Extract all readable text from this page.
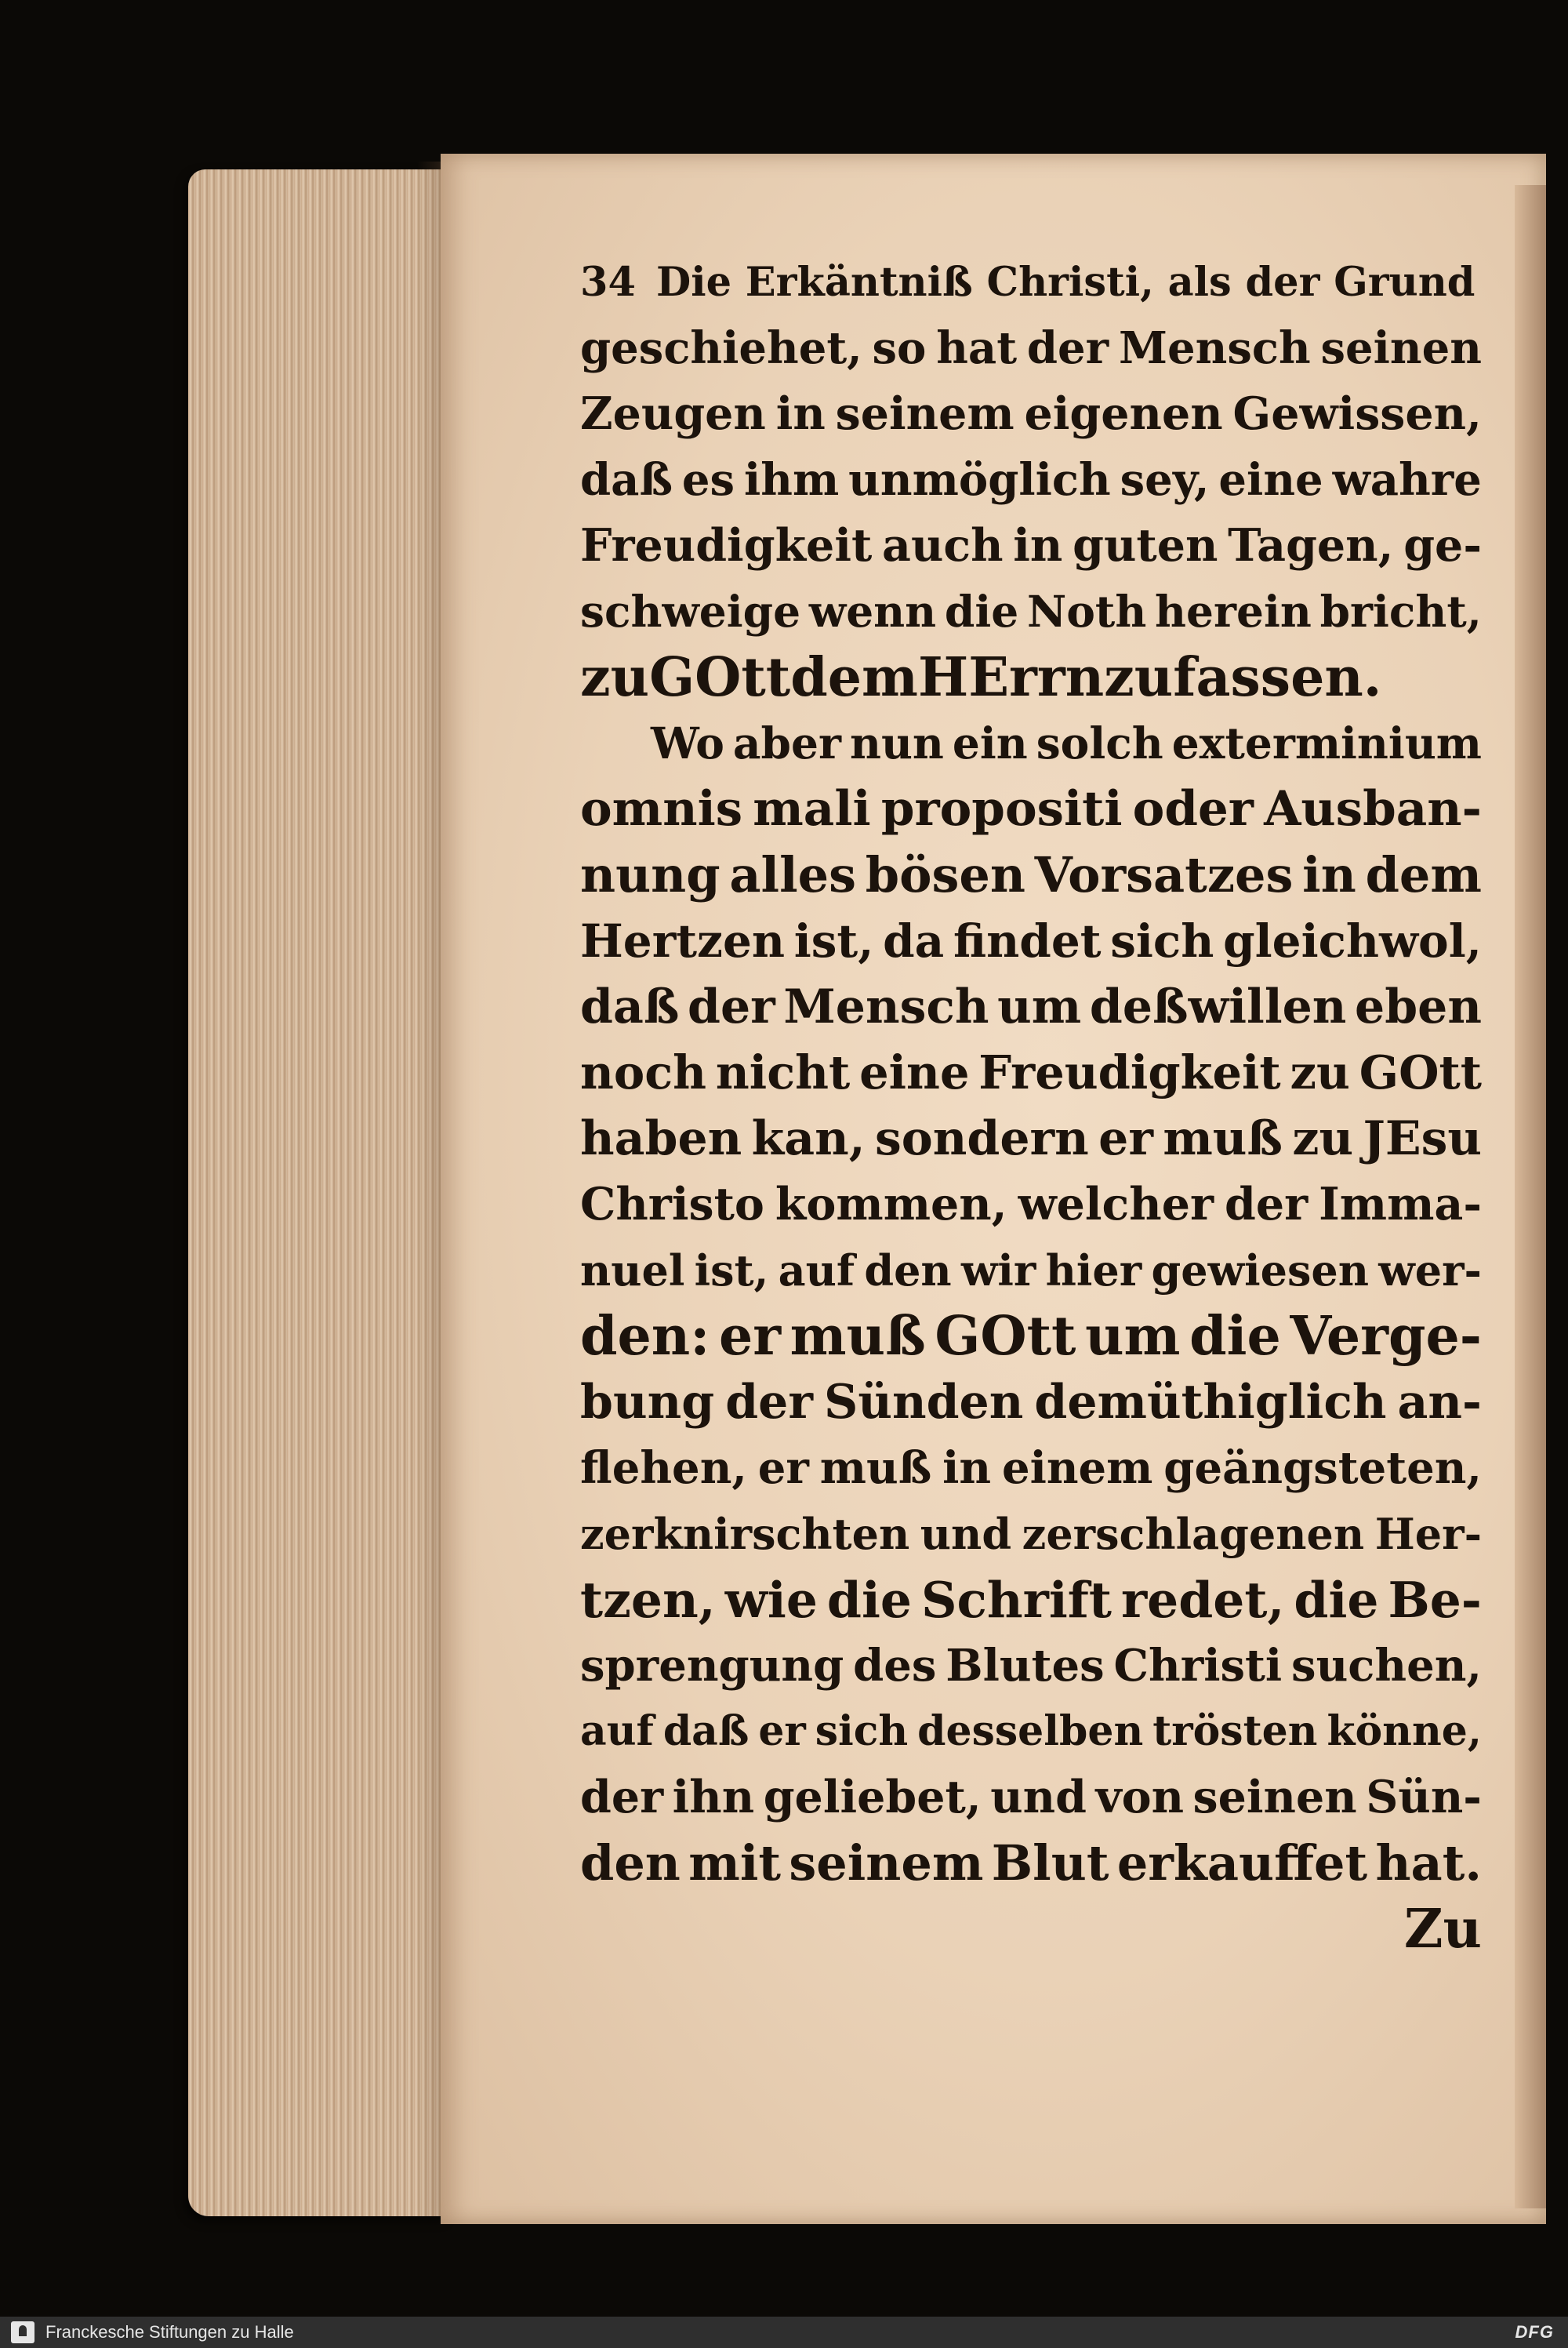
34 Die Erkäntniß Christi, als der Grund
geschiehet, so hat der Mensch seinen
Zeugen in seinem eigenen Gewissen,
daß es ihm unmöglich sey, eine wahre
Freudigkeit auch in guten Tagen, ge-
schweige wenn die Noth herein bricht,
zu GOtt dem HErrn zu fassen.
Wo aber nun ein solch exterminium
omnis mali propositi oder Ausban-
nung alles bösen Vorsatzes in dem
Hertzen ist, da findet sich gleichwol,
daß der Mensch um deßwillen eben
noch nicht eine Freudigkeit zu GOtt
haben kan, sondern er muß zu JEsu
Christo kommen, welcher der Imma-
nuel ist, auf den wir hier gewiesen wer-
den: er muß GOtt um die Verge-
bung der Sünden demüthiglich an-
flehen, er muß in einem geängsteten,
zerknirschten und zerschlagenen Her-
tzen, wie die Schrift redet, die Be-
sprengung des Blutes Christi suchen,
auf daß er sich desselben trösten könne,
der ihn geliebet, und von seinen Sün-
den mit seinem Blut erkauffet hat.
Zu
Franckesche Stiftungen zu Halle	DFG
